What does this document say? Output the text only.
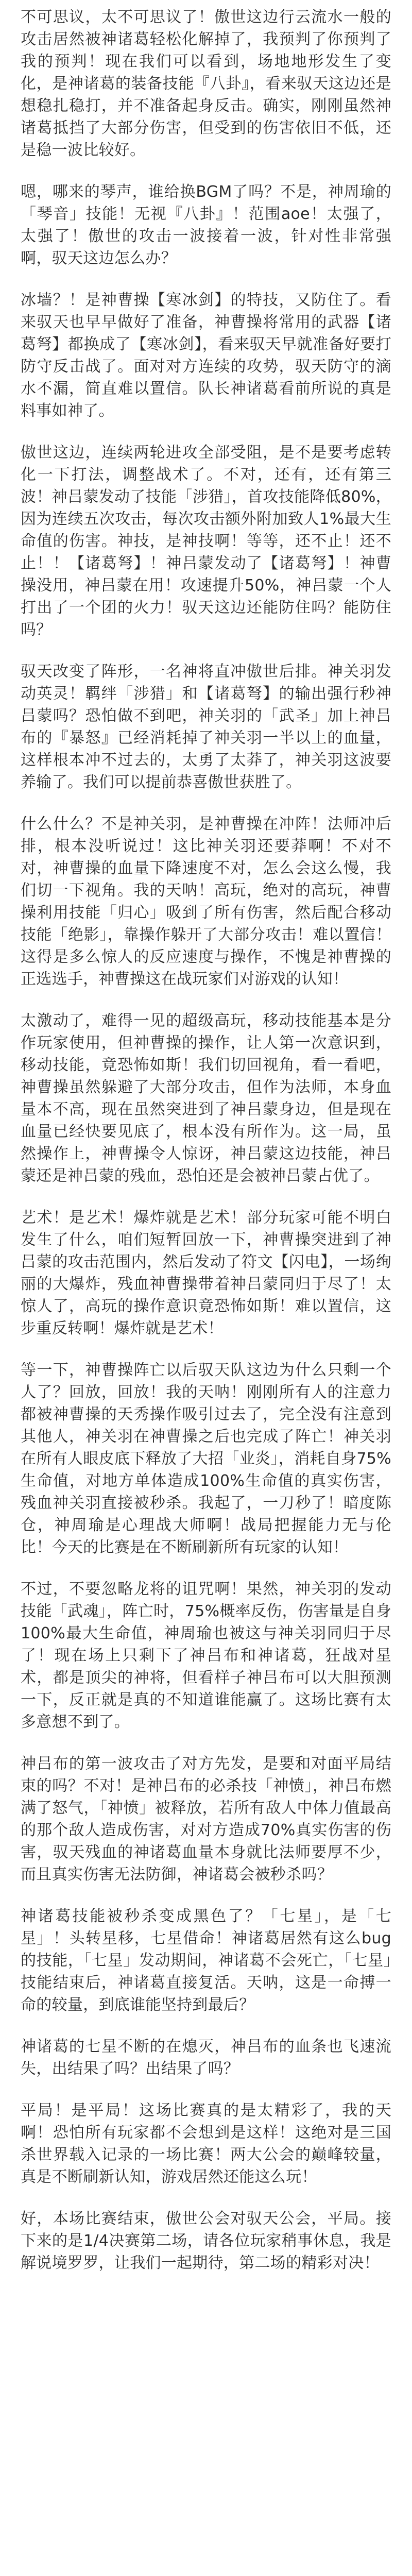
不可思议，太不可思议了！傲世这边行云流水一般的攻击居然被神诸葛轻松化解掉了，我预判了你预判了我的预判！现在我们可以看到，场地地形发生了变化，是神诸葛的装备技能『八卦』，看来驭天这边还是想稳扎稳打，并不准备起身反击。确实，刚刚虽然神诸葛抵挡了大部分伤害，但受到的伤害依旧不低，还是稳一波比较好。

嗯，哪来的琴声，谁给换BGM了吗？不是，神周瑜的「琴音」技能！无视『八卦』！范围aoe！太强了，太强了！傲世的攻击一波接着一波，针对性非常强啊，驭天这边怎么办？

冰墙？！是神曹操【寒冰剑】的特技，又防住了。看来驭天也早早做好了准备，神曹操将常用的武器【诸葛弩】都换成了【寒冰剑】，看来驭天早就准备好要打防守反击战了。面对对方连续的攻势，驭天防守的滴水不漏，简直难以置信。队长神诸葛看前所说的真是料事如神了。

傲世这边，连续两轮进攻全部受阻，是不是要考虑转化一下打法，调整战术了。不对，还有，还有第三波！神吕蒙发动了技能「涉猎」，首攻技能降低80%，因为连续五次攻击，每次攻击额外附加致人1%最大生命值的伤害。神技，是神技啊！等等，还不止！还不止！！【诸葛弩】！神吕蒙发动了【诸葛弩】！神曹操没用，神吕蒙在用！攻速提升50%，神吕蒙一个人打出了一个团的火力！驭天这边还能防住吗？能防住吗？

驭天改变了阵形，一名神将直冲傲世后排。神关羽发动英灵！羁绊「涉猎」和【诸葛弩】的输出强行秒神吕蒙吗？恐怕做不到吧，神关羽的「武圣」加上神吕布的『暴怒』已经消耗掉了神关羽一半以上的血量，这样根本冲不过去的，太勇了太莽了，神关羽这波要养输了。我们可以提前恭喜傲世获胜了。

什么什么？不是神关羽，是神曹操在冲阵！法师冲后排，根本没听说过！这比神关羽还要莽啊！不对不对，神曹操的血量下降速度不对，怎么会这么慢，我们切一下视角。我的天呐！高玩，绝对的高玩，神曹操利用技能「归心」吸到了所有伤害，然后配合移动技能「绝影」，靠操作躲开了大部分攻击！难以置信！这得是多么惊人的反应速度与操作，不愧是神曹操的正选选手，神曹操这在战玩家们对游戏的认知！

太激动了，难得一见的超级高玩，移动技能基本是分作玩家使用，但神曹操的操作，让人第一次意识到，移动技能，竟恐怖如斯！我们切回视角，看一看吧，神曹操虽然躲避了大部分攻击，但作为法师，本身血量本不高，现在虽然突进到了神吕蒙身边，但是现在血量已经快要见底了，根本没有所作为。这一局，虽然操作上，神曹操令人惊讶，神吕蒙这边技能，神吕蒙还是神吕蒙的残血，恐怕还是会被神吕蒙占优了。

艺术！是艺术！爆炸就是艺术！部分玩家可能不明白发生了什么，咱们短暂回放一下，神曹操突进到了神吕蒙的攻击范围内，然后发动了符文【闪电】，一场绚丽的大爆炸，残血神曹操带着神吕蒙同归于尽了！太惊人了，高玩的操作意识竟恐怖如斯！难以置信，这步重反转啊！爆炸就是艺术！

等一下，神曹操阵亡以后驭天队这边为什么只剩一个人了？回放，回放！我的天呐！刚刚所有人的注意力都被神曹操的天秀操作吸引过去了，完全没有注意到其他人，神关羽在神曹操之后也完成了阵亡！神关羽在所有人眼皮底下释放了大招「业炎」，消耗自身75%生命值，对地方单体造成100%生命值的真实伤害，残血神关羽直接被秒杀。我起了，一刀秒了！暗度陈仓，神周瑜是心理战大师啊！战局把握能力无与伦比！今天的比赛是在不断刷新所有玩家的认知！

不过，不要忽略龙将的诅咒啊！果然，神关羽的发动技能「武魂」，阵亡时，75%概率反伤，伤害量是自身100%最大生命值，神周瑜也被这与神关羽同归于尽了！现在场上只剩下了神吕布和神诸葛，狂战对星术，都是顶尖的神将，但看样子神吕布可以大胆预测一下，反正就是真的不知道谁能赢了。这场比赛有太多意想不到了。

神吕布的第一波攻击了对方先发，是要和对面平局结束的吗？不对！是神吕布的必杀技「神愤」，神吕布燃满了怒气，「神愤」被释放，若所有敌人中体力值最高的那个敌人造成伤害，对对方造成70%真实伤害的伤害，驭天残血的神诸葛血量本身就比法师要厚不少，而且真实伤害无法防御，神诸葛会被秒杀吗？

神诸葛技能被秒杀变成黑色了？「七星」，是「七星」！头转星移，七星借命！神诸葛居然有这么bug的技能，「七星」发动期间，神诸葛不会死亡，「七星」技能结束后，神诸葛直接复活。天呐，这是一命搏一命的较量，到底谁能坚持到最后？

神诸葛的七星不断的在熄灭，神吕布的血条也飞速流失，出结果了吗？出结果了吗？

平局！是平局！这场比赛真的是太精彩了，我的天啊！恐怕所有玩家都不会想到是这样！这绝对是三国杀世界载入记录的一场比赛！两大公会的巅峰较量，真是不断刷新认知，游戏居然还能这么玩！

好，本场比赛结束，傲世公会对驭天公会，平局。接下来的是1/4决赛第二场，请各位玩家稍事休息，我是解说境罗罗，让我们一起期待，第二场的精彩对决！
